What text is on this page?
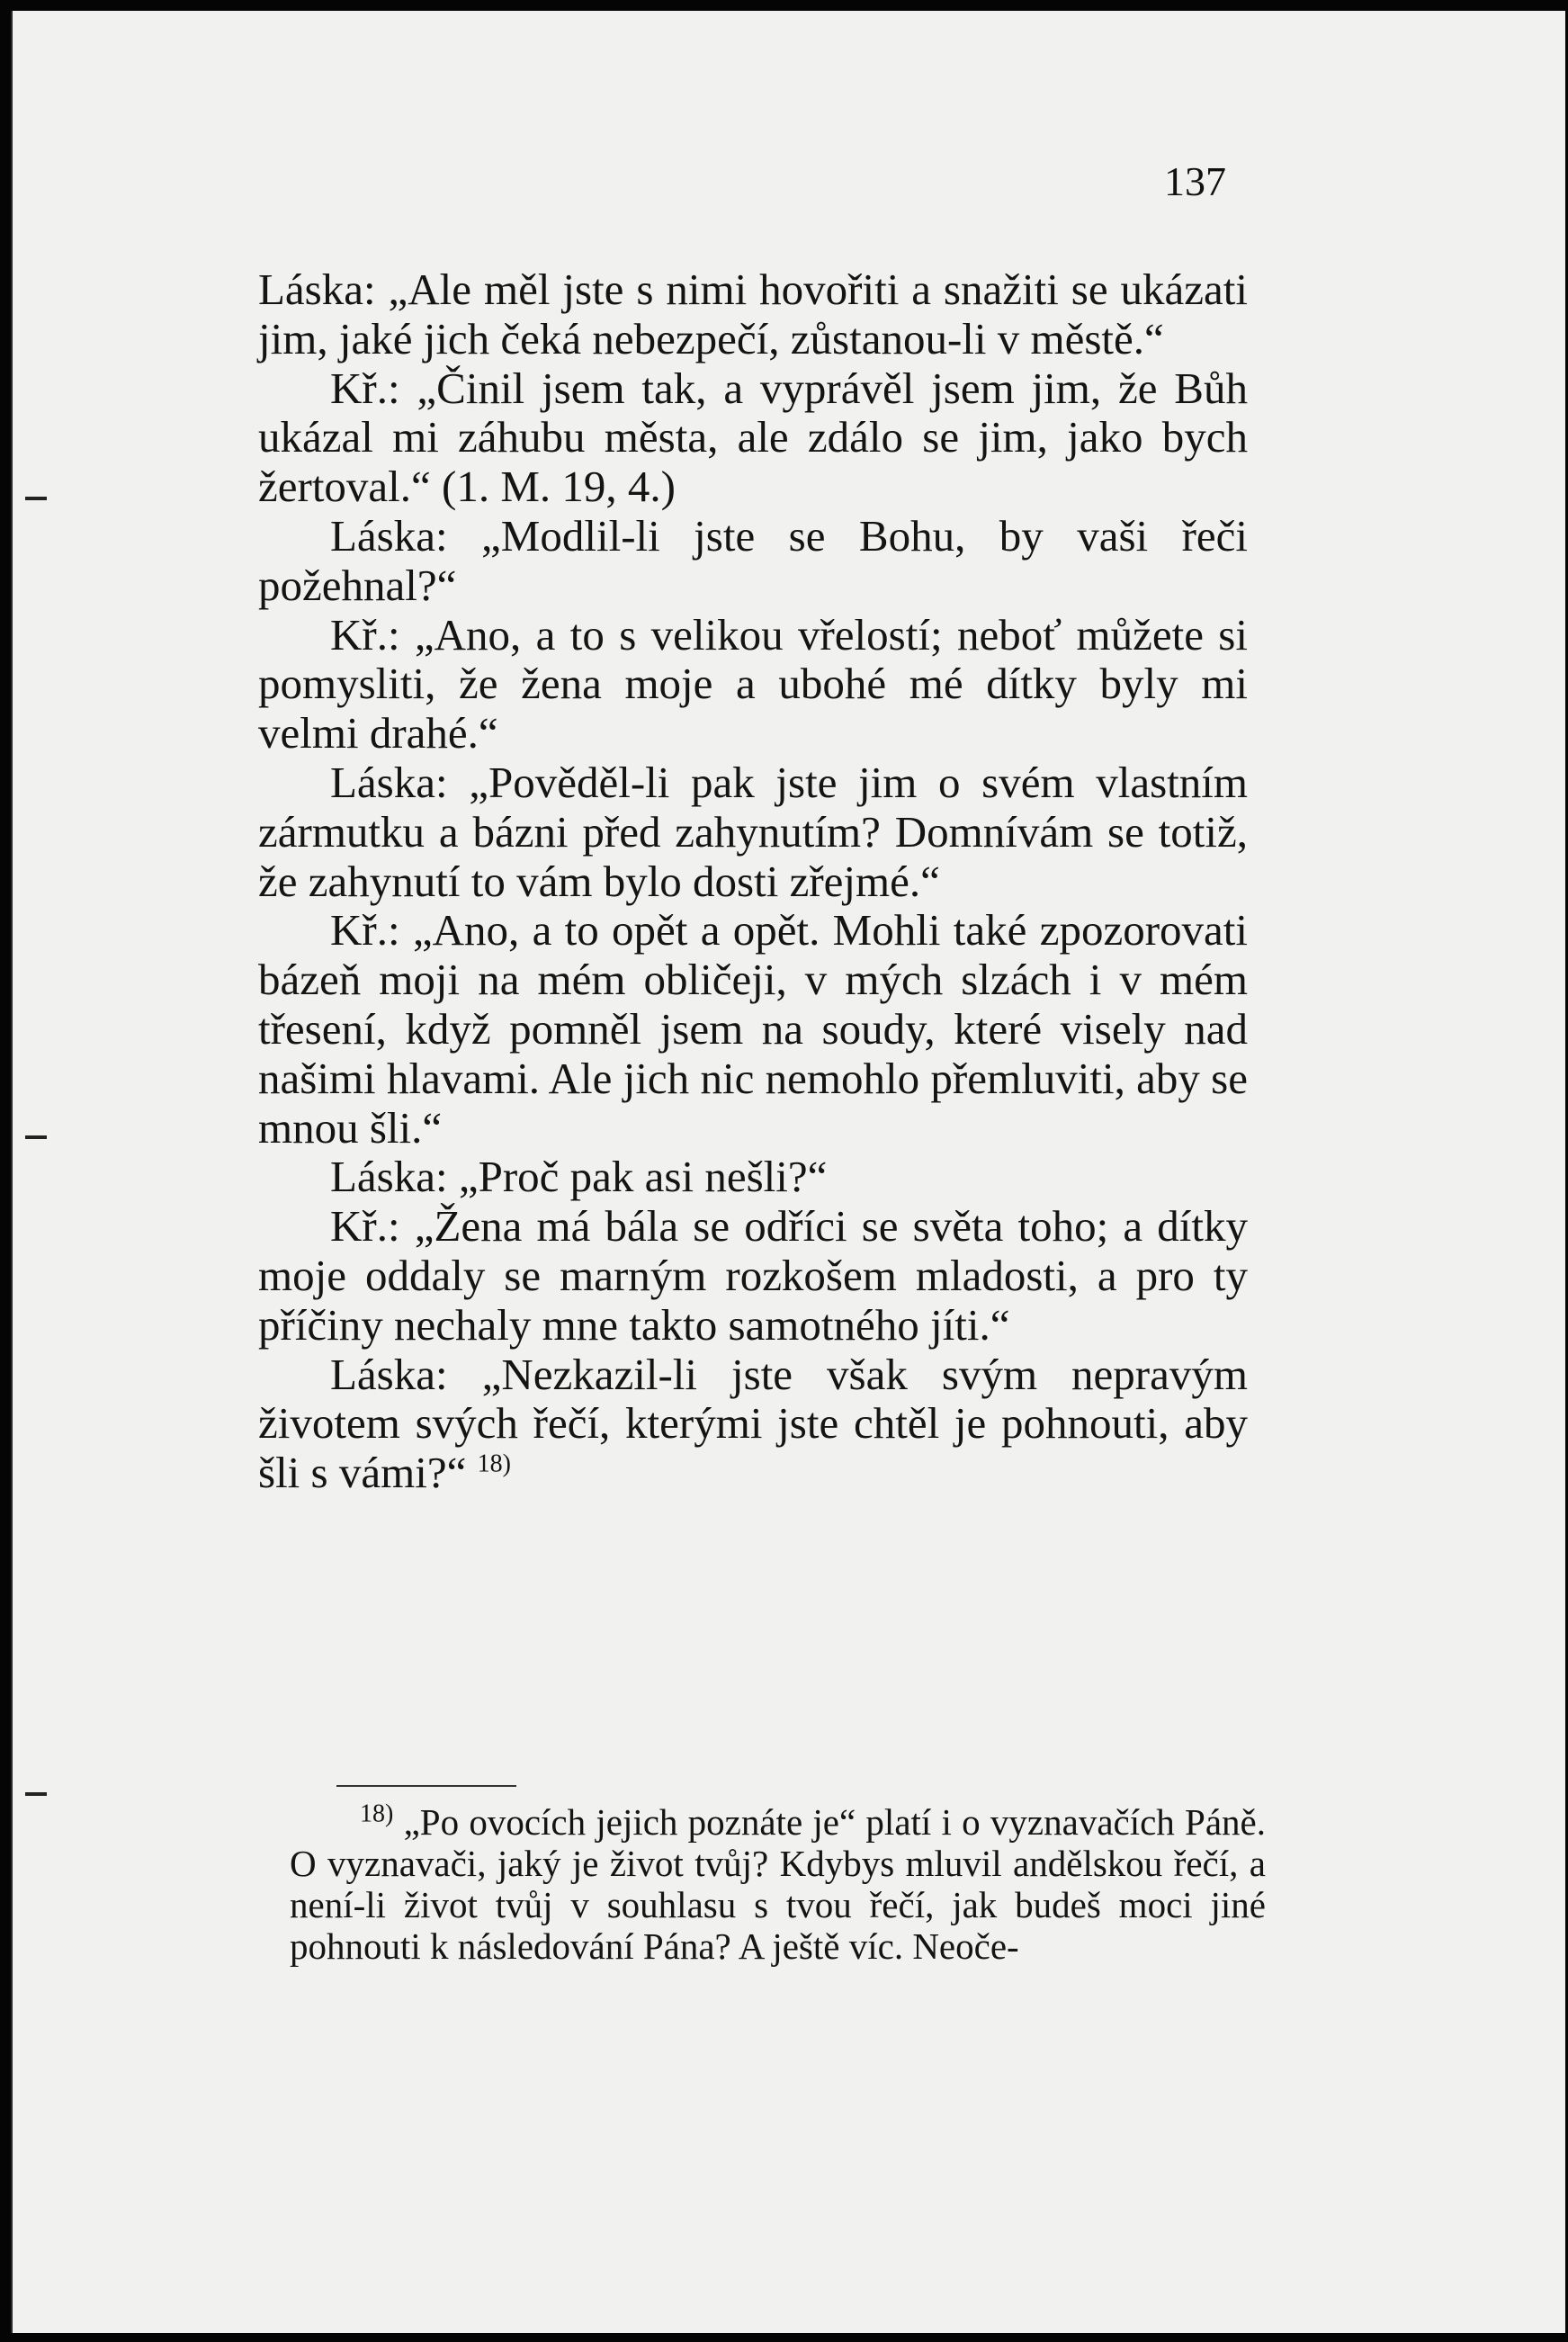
137

Láska: „Ale měl jste s nimi hovořiti a snažiti se ukázati jim, jaké jich čeká nebezpečí, zůstanou-li v městě.“

Kř.: „Činil jsem tak, a vyprávěl jsem jim, že Bůh ukázal mi záhubu města, ale zdálo se jim, jako bych žertoval.“ (1. M. 19, 4.)

Láska: „Modlil-li jste se Bohu, by vaši řeči požehnal?“

Kř.: „Ano, a to s velikou vřelostí; neboť můžete si pomysliti, že žena moje a ubohé mé dítky byly mi velmi drahé.“

Láska: „Pověděl-li pak jste jim o svém vlastním zármutku a bázni před zahynutím? Domnívám se totiž, že zahynutí to vám bylo dosti zřejmé.“

Kř.: „Ano, a to opět a opět. Mohli také zpozorovati bázeň moji na mém obličeji, v mých slzách i v mém třesení, když pomněl jsem na soudy, které visely nad našimi hlavami. Ale jich nic nemohlo přemluviti, aby se mnou šli.“

Láska: „Proč pak asi nešli?“

Kř.: „Žena má bála se odříci se světa toho; a dítky moje oddaly se marným rozkošem mladosti, a pro ty příčiny nechaly mne takto samotného jíti.“

Láska: „Nezkazil-li jste však svým nepravým životem svých řečí, kterými jste chtěl je pohnouti, aby šli s vámi?“ $^{18)}$

$^{18)}$ „Po ovocích jejich poznáte je“ platí i o vyznavačích Páně. O vyznavači, jaký je život tvůj? Kdybys mluvil andělskou řečí, a není-li život tvůj v souhlasu s tvou řečí, jak budeš moci jiné pohnouti k následování Pána? A ještě víc. Neoče-
